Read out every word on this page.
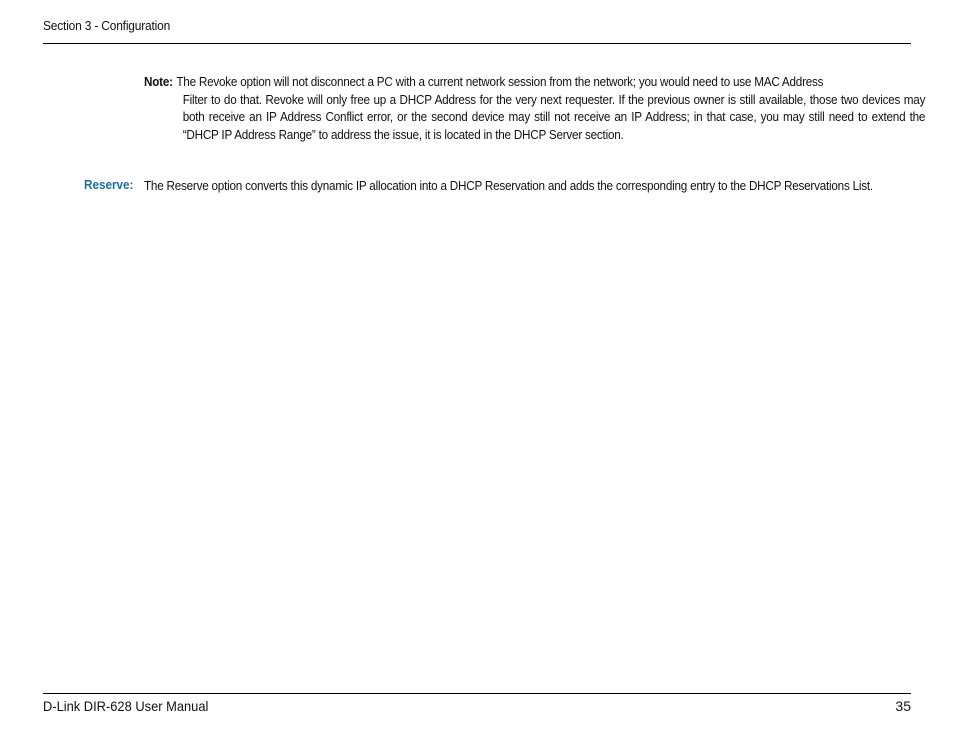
Section 3 - Configuration
Note: The Revoke option will not disconnect a PC with a current network session from the network; you would need to use MAC Address
Filter to do that. Revoke will only free up a DHCP Address for the very next requester. If the previous owner is still available, those two devices may both receive an IP Address Conflict error, or the second device may still not receive an IP Address; in that case, you may still need to extend the “DHCP IP Address Range” to address the issue, it is located in the DHCP Server section.
Reserve: The Reserve option converts this dynamic IP allocation into a DHCP Reservation and adds the corresponding entry to the DHCP Reservations List.
D-Link DIR-628 User Manual	35
